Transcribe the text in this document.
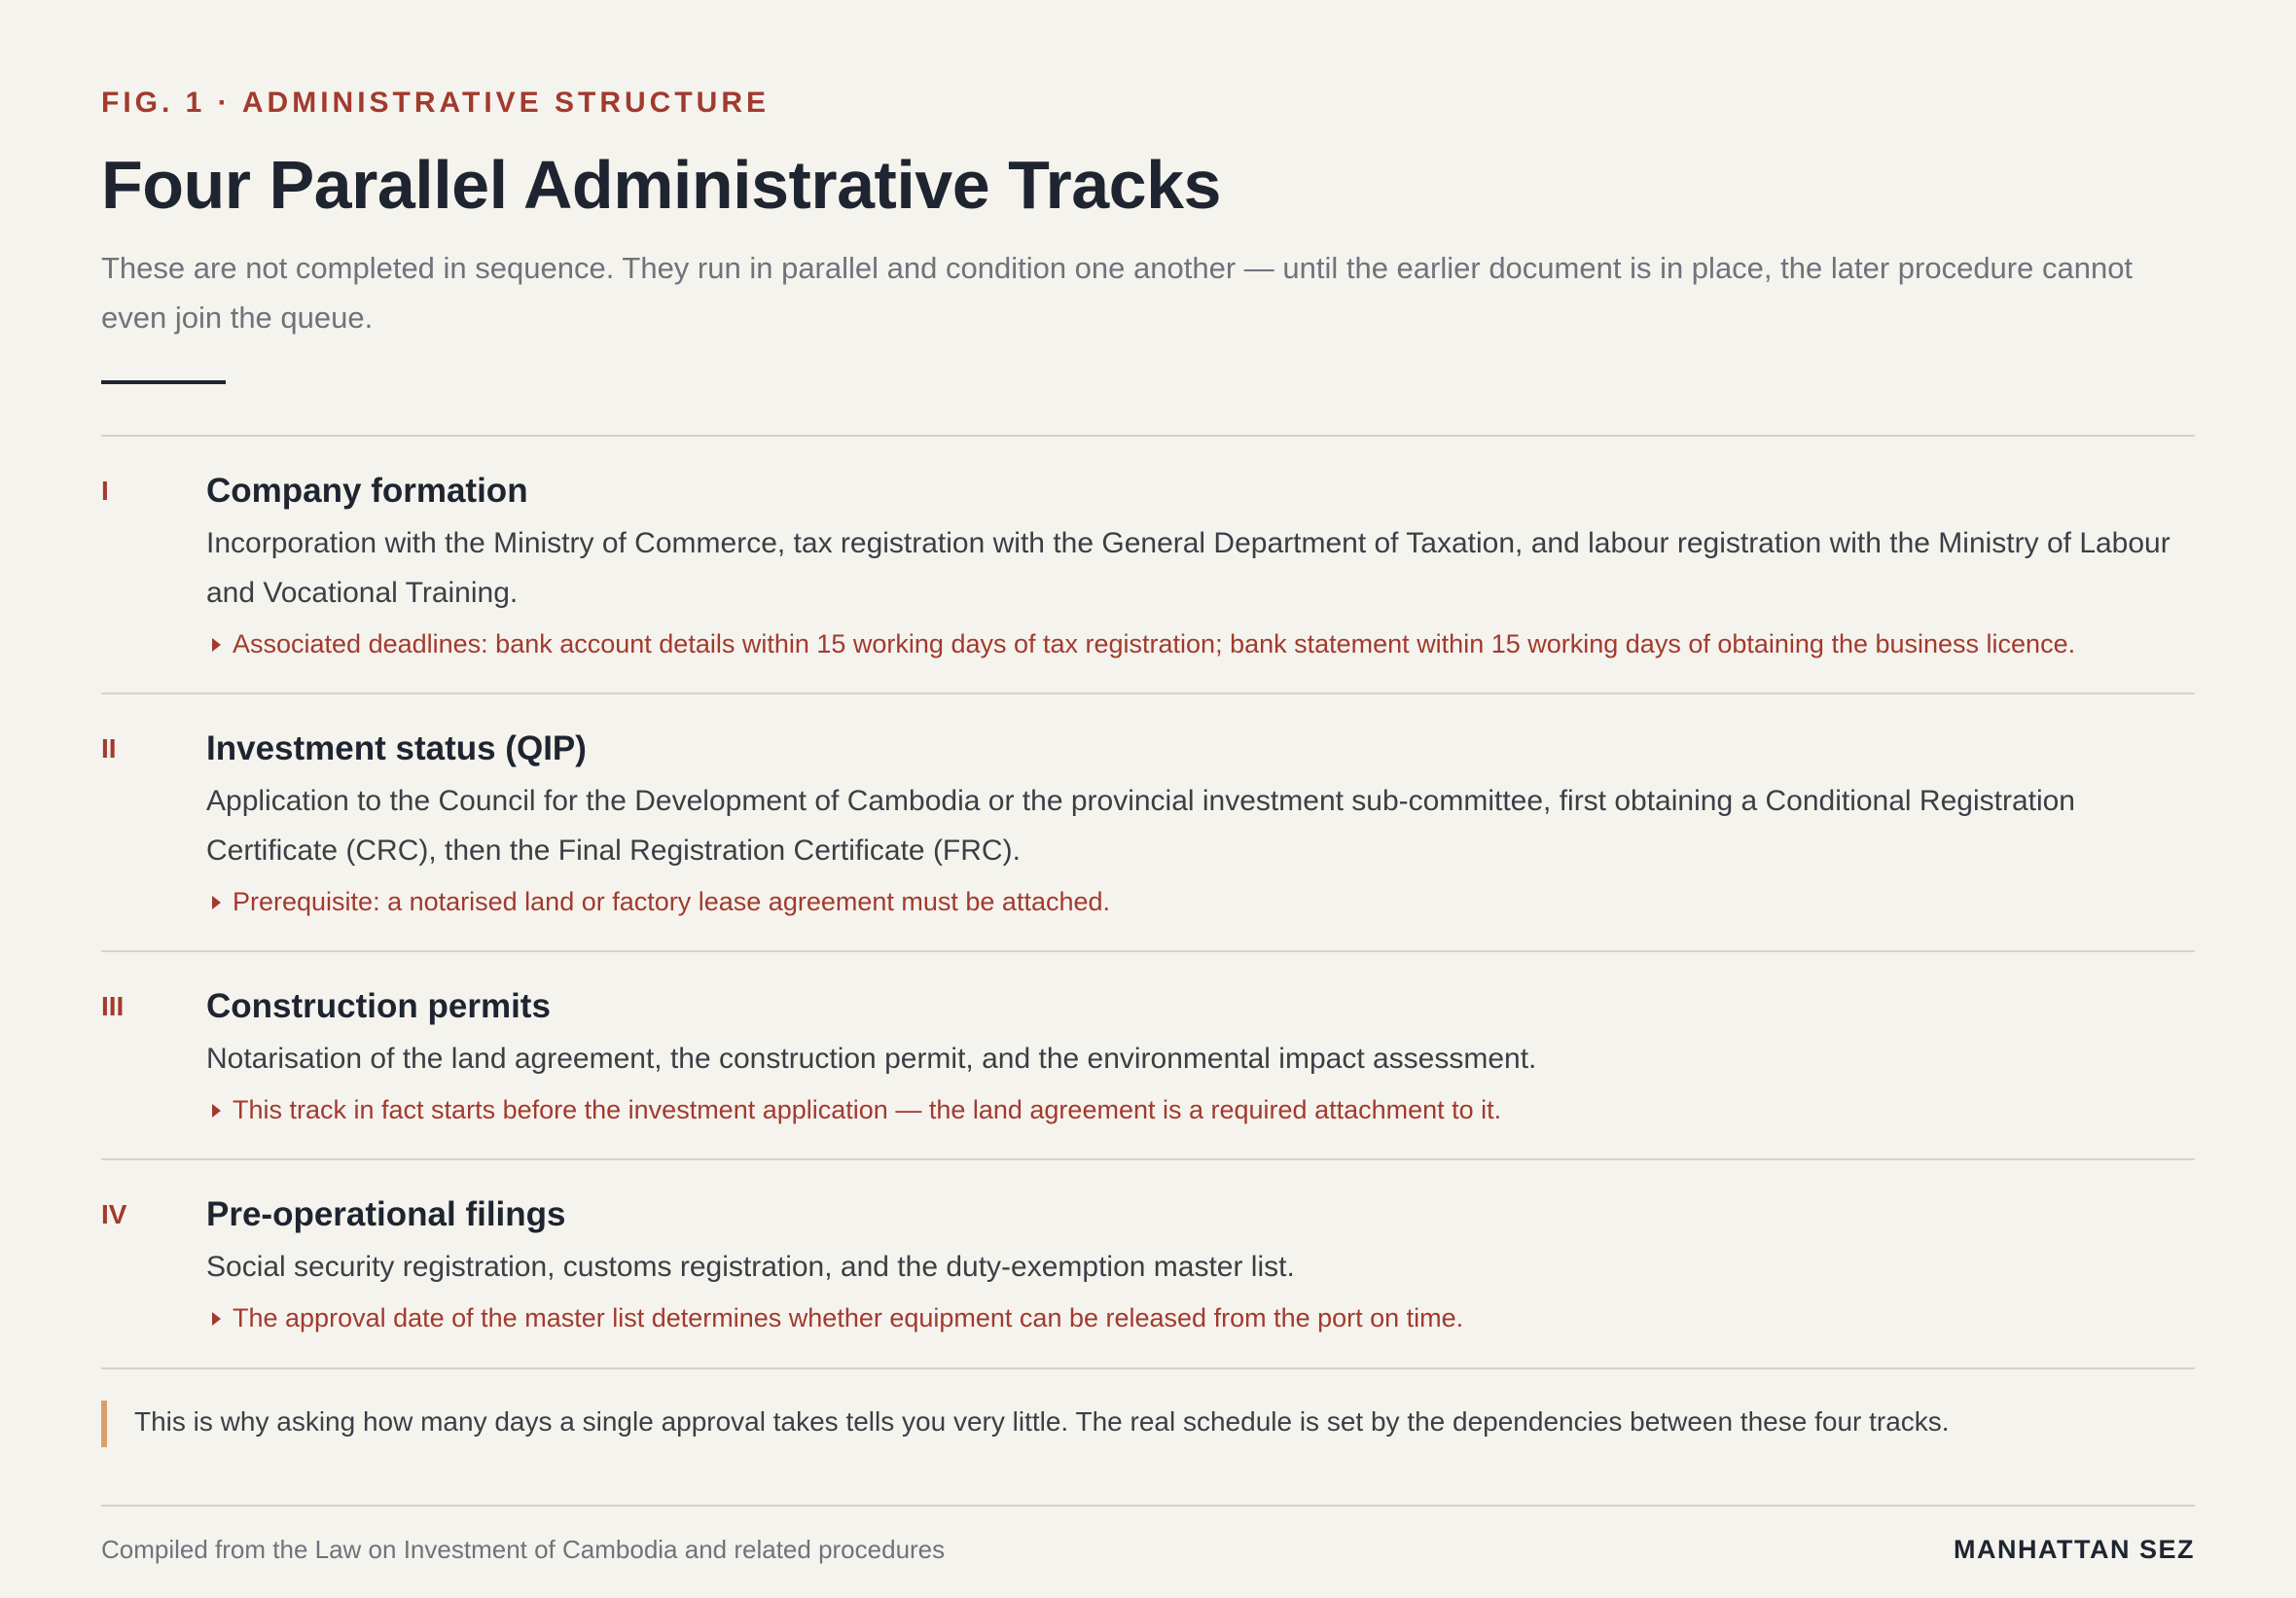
FIG. 1 · ADMINISTRATIVE STRUCTURE
Four Parallel Administrative Tracks
These are not completed in sequence. They run in parallel and condition one another — until the earlier document is in place, the later procedure cannot even join the queue.
I	Company formation
Incorporation with the Ministry of Commerce, tax registration with the General Department of Taxation, and labour registration with the Ministry of Labour and Vocational Training.
Associated deadlines: bank account details within 15 working days of tax registration; bank statement within 15 working days of obtaining the business licence.
II	Investment status (QIP)
Application to the Council for the Development of Cambodia or the provincial investment sub-committee, first obtaining a Conditional Registration Certificate (CRC), then the Final Registration Certificate (FRC).
Prerequisite: a notarised land or factory lease agreement must be attached.
III Construction permits
Notarisation of the land agreement, the construction permit, and the environmental impact assessment.
This track in fact starts before the investment application — the land agreement is a required attachment to it.
IV Pre-operational filings
Social security registration, customs registration, and the duty-exemption master list.
The approval date of the master list determines whether equipment can be released from the port on time.
This is why asking how many days a single approval takes tells you very little. The real schedule is set by the dependencies between these four tracks.
Compiled from the Law on Investment of Cambodia and related procedures	MANHATTAN SEZ
